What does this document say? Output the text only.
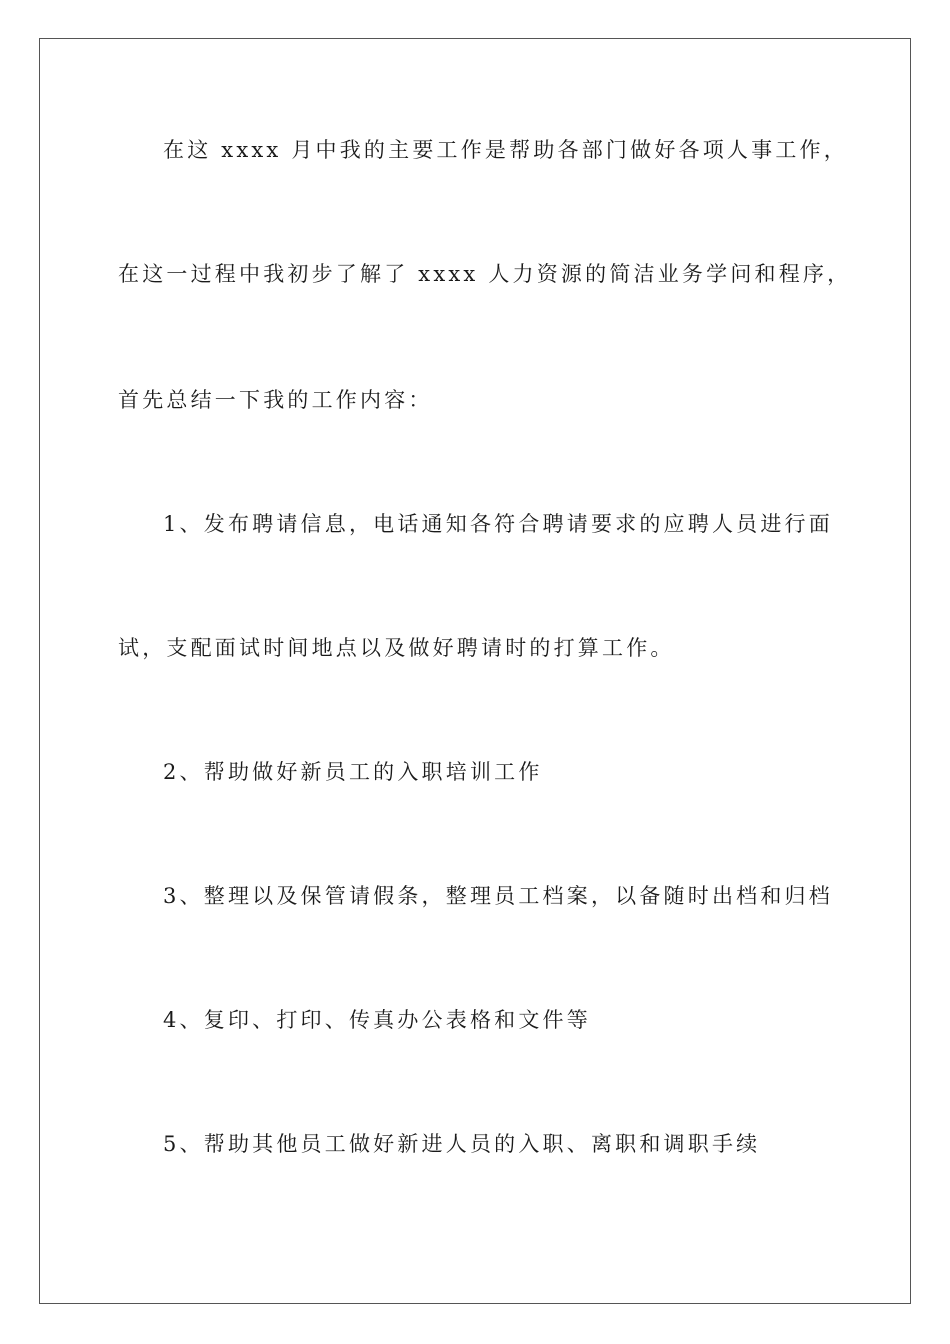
在这 xxxx 月中我的主要工作是帮助各部门做好各项人事工作，
在这一过程中我初步了解了 xxxx 人力资源的简洁业务学问和程序，
首先总结一下我的工作内容：
1、发布聘请信息，电话通知各符合聘请要求的应聘人员进行面
试，支配面试时间地点以及做好聘请时的打算工作。
2、帮助做好新员工的入职培训工作
3、整理以及保管请假条，整理员工档案，以备随时出档和归档
4、复印、打印、传真办公表格和文件等
5、帮助其他员工做好新进人员的入职、离职和调职手续
